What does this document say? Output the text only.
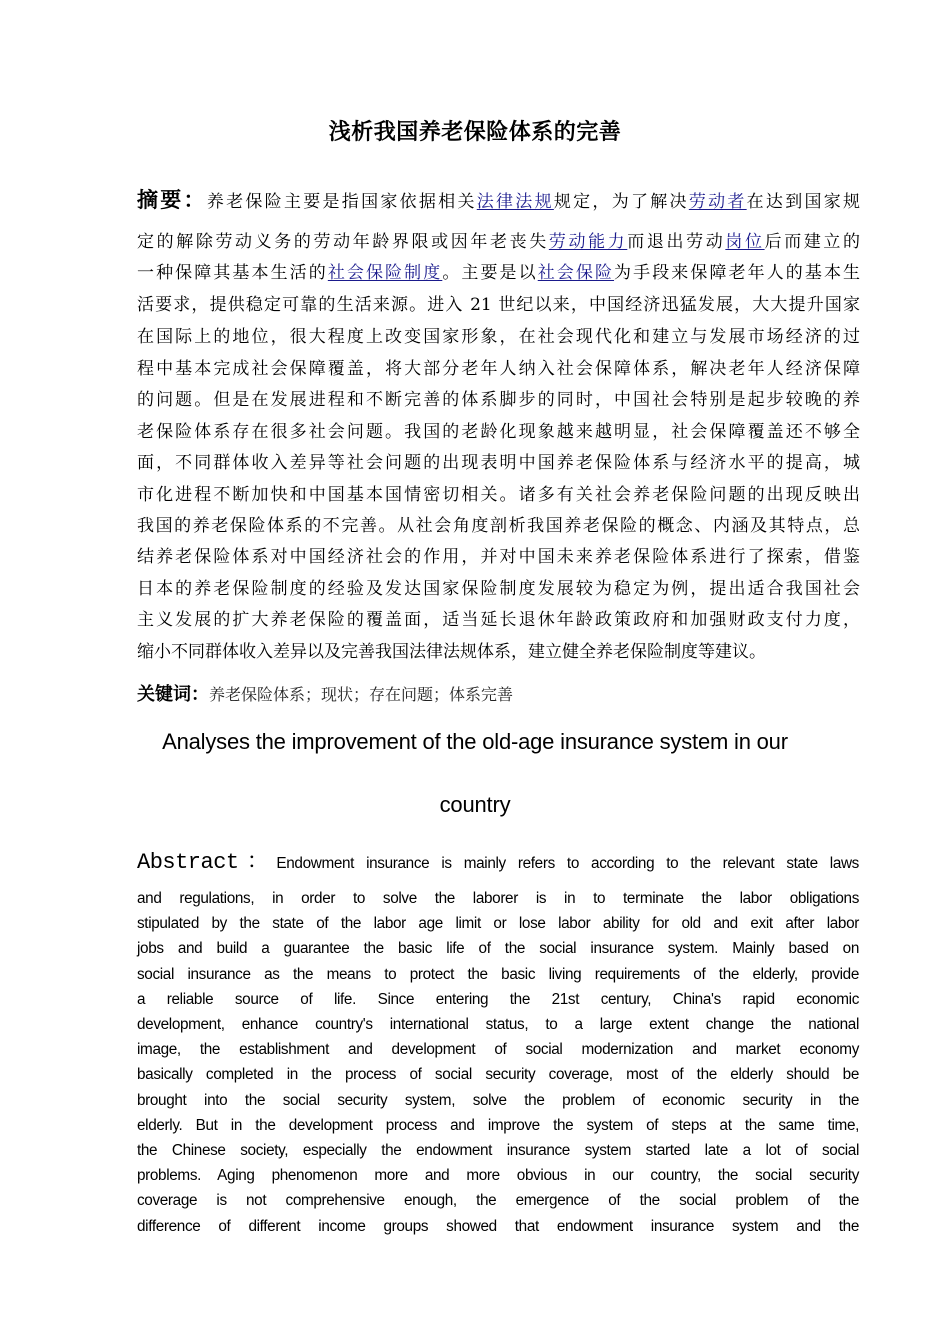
浅析我国养老保险体系的完善
摘要：养老保险主要是指国家依据相关法律法规规定，为了解决劳动者在达到国家规
定的解除劳动义务的劳动年龄界限或因年老丧失劳动能力而退出劳动岗位后而建立的
一种保障其基本生活的社会保险制度。主要是以社会保险为手段来保障老年人的基本生
活要求，提供稳定可靠的生活来源。进入 21 世纪以来，中国经济迅猛发展，大大提升国家
在国际上的地位，很大程度上改变国家形象，在社会现代化和建立与发展市场经济的过
程中基本完成社会保障覆盖，将大部分老年人纳入社会保障体系，解决老年人经济保障
的问题。但是在发展进程和不断完善的体系脚步的同时，中国社会特别是起步较晚的养
老保险体系存在很多社会问题。我国的老龄化现象越来越明显，社会保障覆盖还不够全
面，不同群体收入差异等社会问题的出现表明中国养老保险体系与经济水平的提高，城
市化进程不断加快和中国基本国情密切相关。诸多有关社会养老保险问题的出现反映出
我国的养老保险体系的不完善。从社会角度剖析我国养老保险的概念、内涵及其特点，总
结养老保险体系对中国经济社会的作用，并对中国未来养老保险体系进行了探索，借鉴
日本的养老保险制度的经验及发达国家保险制度发展较为稳定为例，提出适合我国社会
主义发展的扩大养老保险的覆盖面，适当延长退休年龄政策政府和加强财政支付力度，
缩小不同群体收入差异以及完善我国法律法规体系，建立健全养老保险制度等建议。
关键词：养老保险体系；现状；存在问题；体系完善
Analyses the improvement of the old-age insurance system in our
country
Abstract：Endowment insurance is mainly refers to according to the relevant state laws
and regulations, in order to solve the laborer is in to terminate the labor obligations
stipulated by the state of the labor age limit or lose labor ability for old and exit after labor
jobs and build a guarantee the basic life of the social insurance system. Mainly based on
social insurance as the means to protect the basic living requirements of the elderly, provide
a reliable source of life. Since entering the 21st century, China's rapid economic
development, enhance country's international status, to a large extent change the national
image, the establishment and development of social modernization and market economy
basically completed in the process of social security coverage, most of the elderly should be
brought into the social security system, solve the problem of economic security in the
elderly. But in the development process and improve the system of steps at the same time,
the Chinese society, especially the endowment insurance system started late a lot of social
problems. Aging phenomenon more and more obvious in our country, the social security
coverage is not comprehensive enough, the emergence of the social problem of the
difference of different income groups showed that endowment insurance system and the
